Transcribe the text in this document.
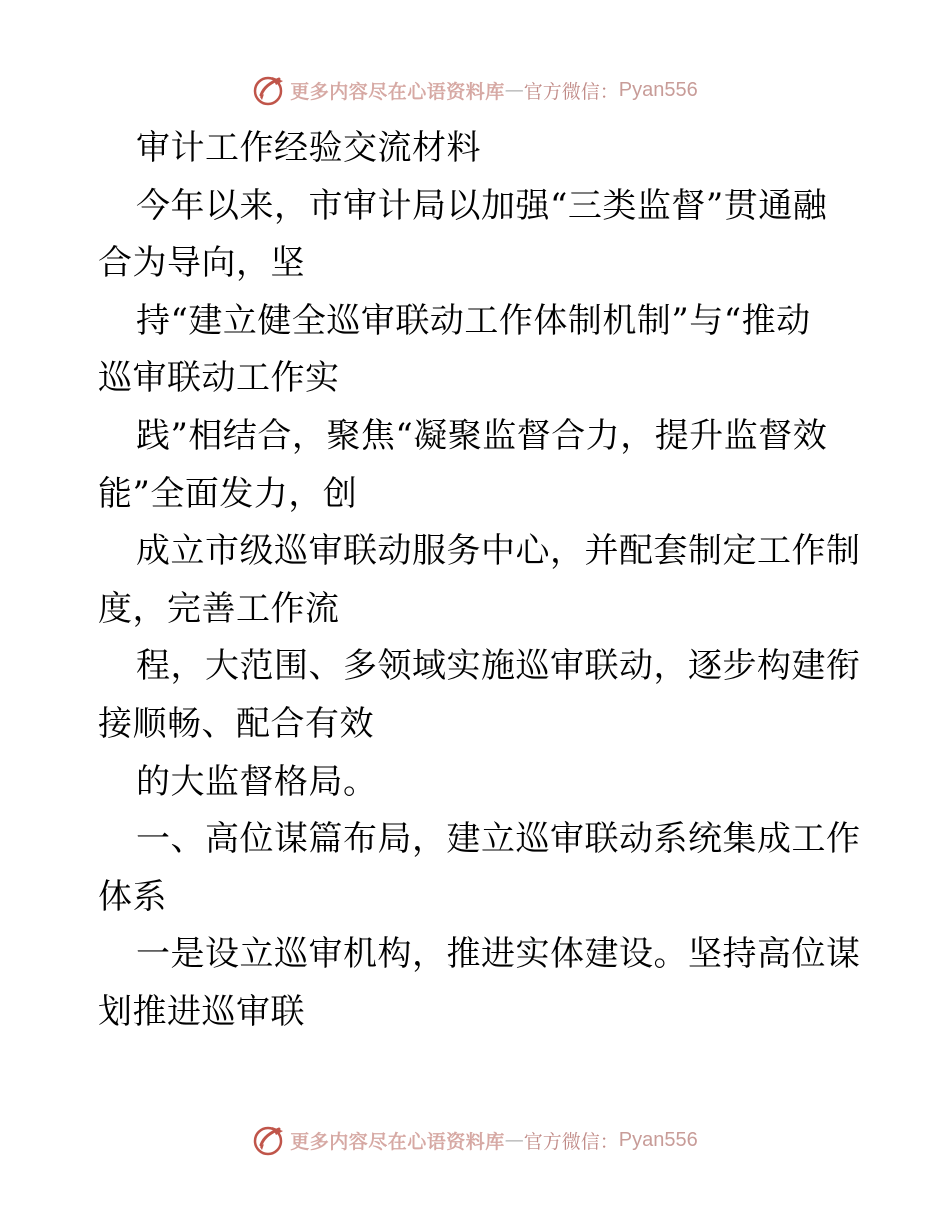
更多内容尽在心语资料库 — 官方微信： Pyan556
审计工作经验交流材料
今年以来，市审计局以加强“三类监督”贯通融
合为导向，坚
持“建立健全巡审联动工作体制机制”与“推动
巡审联动工作实
践”相结合，聚焦“凝聚监督合力，提升监督效
能”全面发力，创
成立市级巡审联动服务中心，并配套制定工作制
度，完善工作流
程，大范围、多领域实施巡审联动，逐步构建衔
接顺畅、配合有效
的大监督格局。
一、高位谋篇布局，建立巡审联动系统集成工作
体系
一是设立巡审机构，推进实体建设。坚持高位谋
划推进巡审联
更多内容尽在心语资料库 — 官方微信： Pyan556
